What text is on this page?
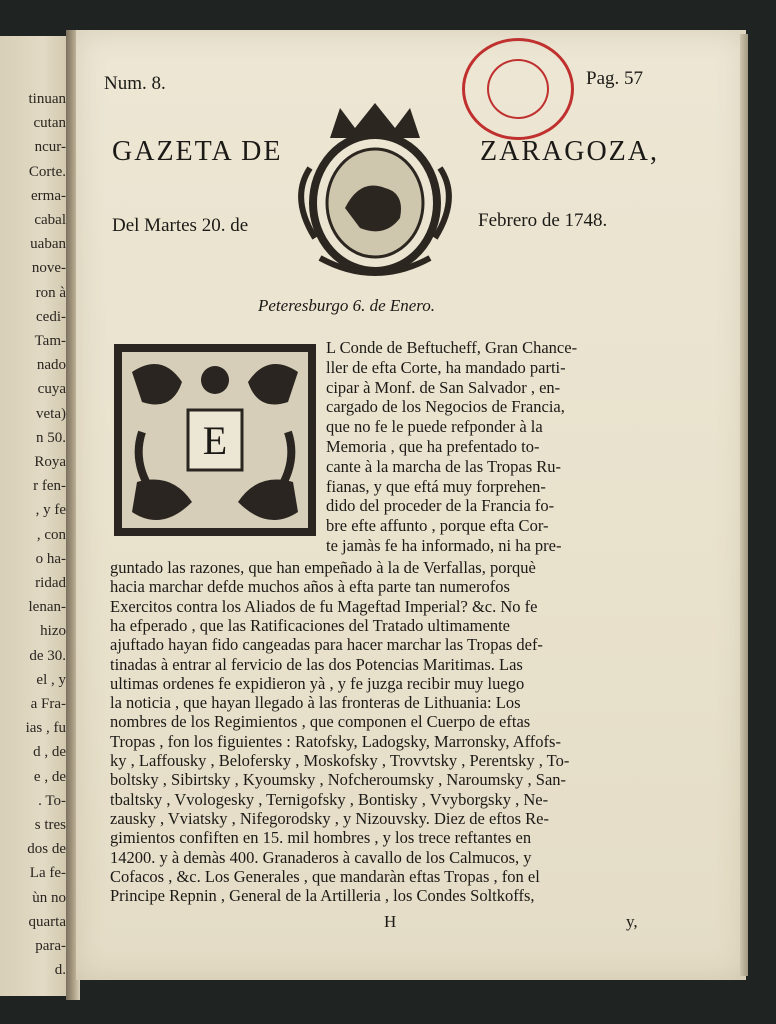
tinuan
cutan
ncur-
Corte.
erma-
cabal
uaban
nove-
ron à
cedi-
Tam-
nado
cuya
veta)
n 50.
Roya
r fen-
, y fe
, con
o ha-
ridad
lenan-
hizo
de 30.
el , y
a Fra-
ias , fu
d , de
e , de
. To-
s tres
dos de
La fe-
ùn no
quarta
para-
d.
Num. 8.	Pag. 57
GAZETA DE	ZARAGOZA,
Del Martes 20. de	Febrero de 1748.
Peteresburgo 6. de Enero.
E
L Conde de Beftucheff, Gran Chance-
ller de efta Corte, ha mandado parti-
cipar à Monf. de San Salvador , en-
cargado de los Negocios de Francia,
que no fe le puede refponder à la
Memoria , que ha prefentado to-
cante à la marcha de las Tropas Ru-
fianas, y que eftá muy forprehen-
dido del proceder de la Francia fo-
bre efte affunto , porque efta Cor-
te jamàs fe ha informado, ni ha pre-
guntado las razones, que han empeñado à la de Verfallas, porquè
hacia marchar defde muchos años à efta parte tan numerofos
Exercitos contra los Aliados de fu Mageftad Imperial? &c. No fe
ha efperado , que las Ratificaciones del Tratado ultimamente
ajuftado hayan fido cangeadas para hacer marchar las Tropas def-
tinadas à entrar al fervicio de las dos Potencias Maritimas. Las
ultimas ordenes fe expidieron yà , y fe juzga recibir muy luego
la noticia , que hayan llegado à las fronteras de Lithuania: Los
nombres de los Regimientos , que componen el Cuerpo de eftas
Tropas , fon los figuientes : Ratofsky, Ladogsky, Marronsky, Affofs-
ky , Laffousky , Belofersky , Moskofsky , Trovvtsky , Perentsky , To-
boltsky , Sibirtsky , Kyoumsky , Nofcheroumsky , Naroumsky , San-
tbaltsky , Vvologesky , Ternigofsky , Bontisky , Vvyborgsky , Ne-
zausky , Vviatsky , Nifegorodsky , y Nizouvsky. Diez de eftos Re-
gimientos confiften en 15. mil hombres , y los trece reftantes en
14200. y à demàs 400. Granaderos à cavallo de los Calmucos, y
Cofacos , &c. Los Generales , que mandaràn eftas Tropas , fon el
Principe Repnin , General de la Artilleria , los Condes Soltkoffs,
H	y,
